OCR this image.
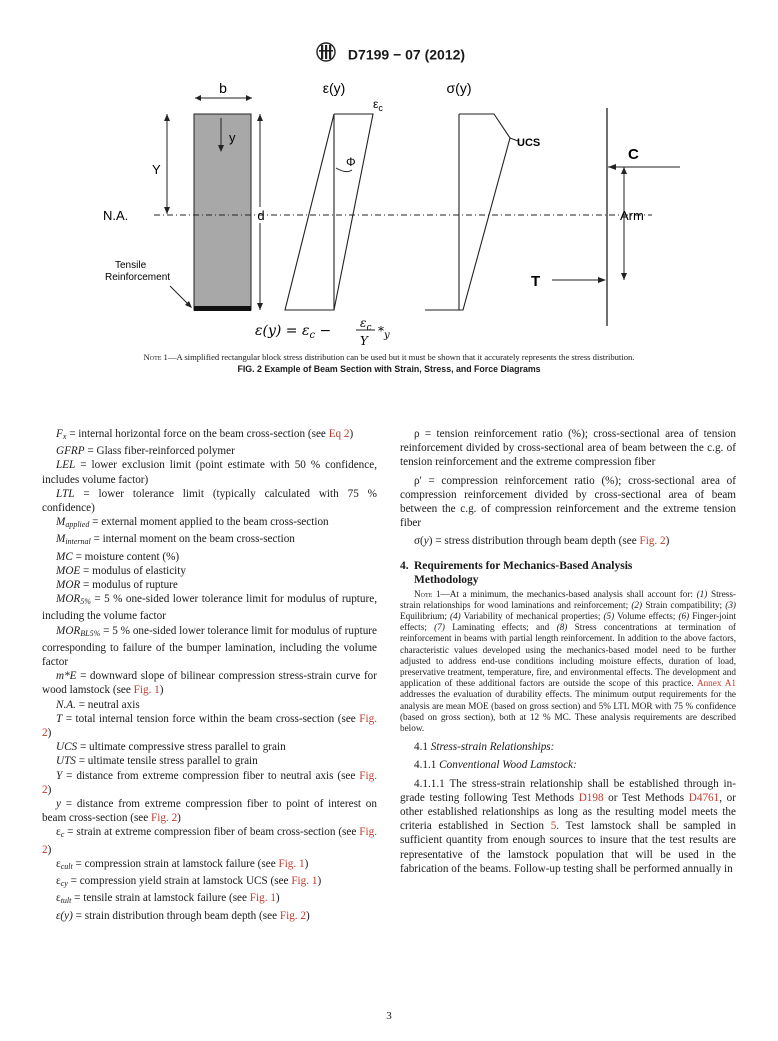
D7199 − 07 (2012)
b
y
Y
d
N.A.
Tensile
Reinforcement
ε(y)
$\varepsilon_c$
Φ
σ(y)
UCS
C
Arm
T
$\varepsilon(y) = \varepsilon_c - \varepsilon_c$
Y
$*_y$
Note 1—A simplified rectangular block stress distribution can be used but it must be shown that it accurately represents the stress distribution.
FIG. 2 Example of Beam Section with Strain, Stress, and Force Diagrams

$F_x$ = internal horizontal force on the beam cross-section (see Eq 2)

GFRP = Glass fiber-reinforced polymer

LEL = lower exclusion limit (point estimate with 50 % confidence, includes volume factor)

LTL = lower tolerance limit (typically calculated with 75 % confidence)

$M_{applied}$ = external moment applied to the beam cross-section

$M_{internal}$ = internal moment on the beam cross-section

MC = moisture content (%)

MOE = modulus of elasticity

MOR = modulus of rupture

$MOR_{5\%} = 5$ % one-sided lower tolerance limit for modulus of rupture, including the volume factor

$MOR_{BL5\%} = 5$ % one-sided lower tolerance limit for modulus of rupture corresponding to failure of the bumper lamination, including the volume factor

m*E = downward slope of bilinear compression stress-strain curve for wood lamstock (see Fig. 1)

N.A. = neutral axis

T = total internal tension force within the beam cross-section (see Fig. 2)

UCS = ultimate compressive stress parallel to grain

UTS = ultimate tensile stress parallel to grain

Y = distance from extreme compression fiber to neutral axis (see Fig. 2)

y = distance from extreme compression fiber to point of interest on beam cross-section (see Fig. 2)

$\varepsilon_c$ = strain at extreme compression fiber of beam cross-section (see Fig. 2)

$\varepsilon_{cult}$ = compression strain at lamstock failure (see Fig. 1)

$\varepsilon_{cy}$ = compression yield strain at lamstock UCS (see Fig. 1)

$\varepsilon_{tult}$ = tensile strain at lamstock failure (see Fig. 1)

ε(y) = strain distribution through beam depth (see Fig. 2)

ρ = tension reinforcement ratio (%); cross-sectional area of tension reinforcement divided by cross-sectional area of beam between the c.g. of tension reinforcement and the extreme compression fiber

ρ' = compression reinforcement ratio (%); cross-sectional area of compression reinforcement divided by cross-sectional area of beam between the c.g. of compression reinforcement and the extreme tension fiber

σ(y) = stress distribution through beam depth (see Fig. 2)

4. Requirements for Mechanics-Based Analysis
Methodology

Note 1—At a minimum, the mechanics-based analysis shall account for: (1) Stress-strain relationships for wood laminations and reinforcement; (2) Strain compatibility; (3) Equilibrium; (4) Variability of mechanical properties; (5) Volume effects; (6) Finger-joint effects; (7) Laminating effects; and (8) Stress concentrations at termination of reinforcement in beams with partial length reinforcement. In addition to the above factors, characteristic values developed using the mechanics-based model need to be further adjusted to address end-use conditions including moisture effects, duration of load, preservative treatment, temperature, fire, and environmental effects. The development and application of these additional factors are outside the scope of this practice. Annex A1 addresses the evaluation of durability effects. The minimum output requirements for the analysis are mean MOE (based on gross section) and 5% LTL MOR with 75 % confidence (based on gross section), both at 12 % MC. These analysis requirements are described below.

4.1 Stress-strain Relationships:

4.1.1 Conventional Wood Lamstock:

4.1.1.1 The stress-strain relationship shall be established through in-grade testing following Test Methods D198 or Test Methods D4761, or other established relationships as long as the resulting model meets the criteria established in Section 5. Test lamstock shall be sampled in sufficient quantity from enough sources to insure that the test results are representative of the lamstock population that will be used in the fabrication of the beams. Follow-up testing shall be performed annually in

3
